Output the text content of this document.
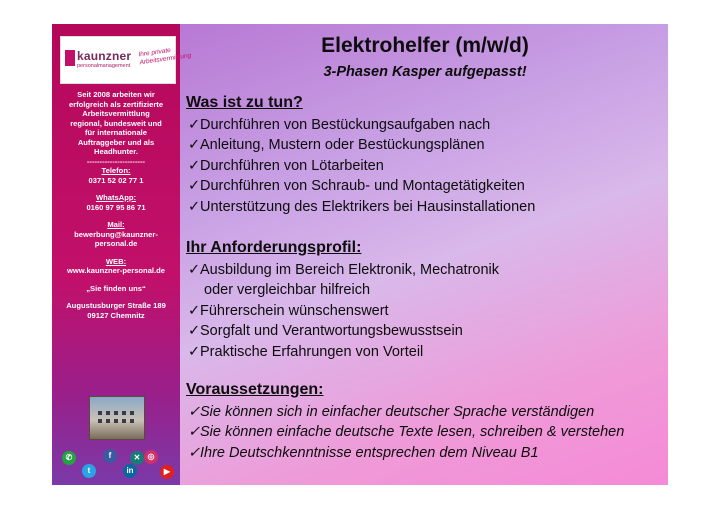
kaunzner
personalmanagement
Ihre private Arbeitsvermittlung
Seit 2008 arbeiten wir
erfolgreich als zertifizierte
Arbeitsvermittlung
regional, bundesweit und
für internationale
Auftraggeber und als
Headhunter.
-----------------------
Telefon:
0371 52 02 77 1
WhatsApp:
0160 97 95 86 71
Mail:
bewerbung@kaunzner-
personal.de
WEB:
www.kaunzner-personal.de
„Sie finden uns“
Augustusburger Straße 189
09127 Chemnitz
✆	f	✕ ◎
t	in	▶
Elektrohelfer (m/w/d)
3-Phasen Kasper aufgepasst!
Was ist zu tun?
✓Durchführen von Bestückungsaufgaben nach
✓Anleitung, Mustern oder Bestückungsplänen
✓Durchführen von Lötarbeiten
✓Durchführen von Schraub- und Montagetätigkeiten
✓Unterstützung des Elektrikers bei Hausinstallationen
Ihr Anforderungsprofil:
✓Ausbildung im Bereich Elektronik, Mechatronik
oder vergleichbar hilfreich
✓Führerschein wünschenswert
✓Sorgfalt und Verantwortungsbewusstsein
✓Praktische Erfahrungen von Vorteil
Voraussetzungen:
✓Sie können sich in einfacher deutscher Sprache verständigen
✓Sie können einfache deutsche Texte lesen, schreiben & verstehen
✓Ihre Deutschkenntnisse entsprechen dem Niveau B1
